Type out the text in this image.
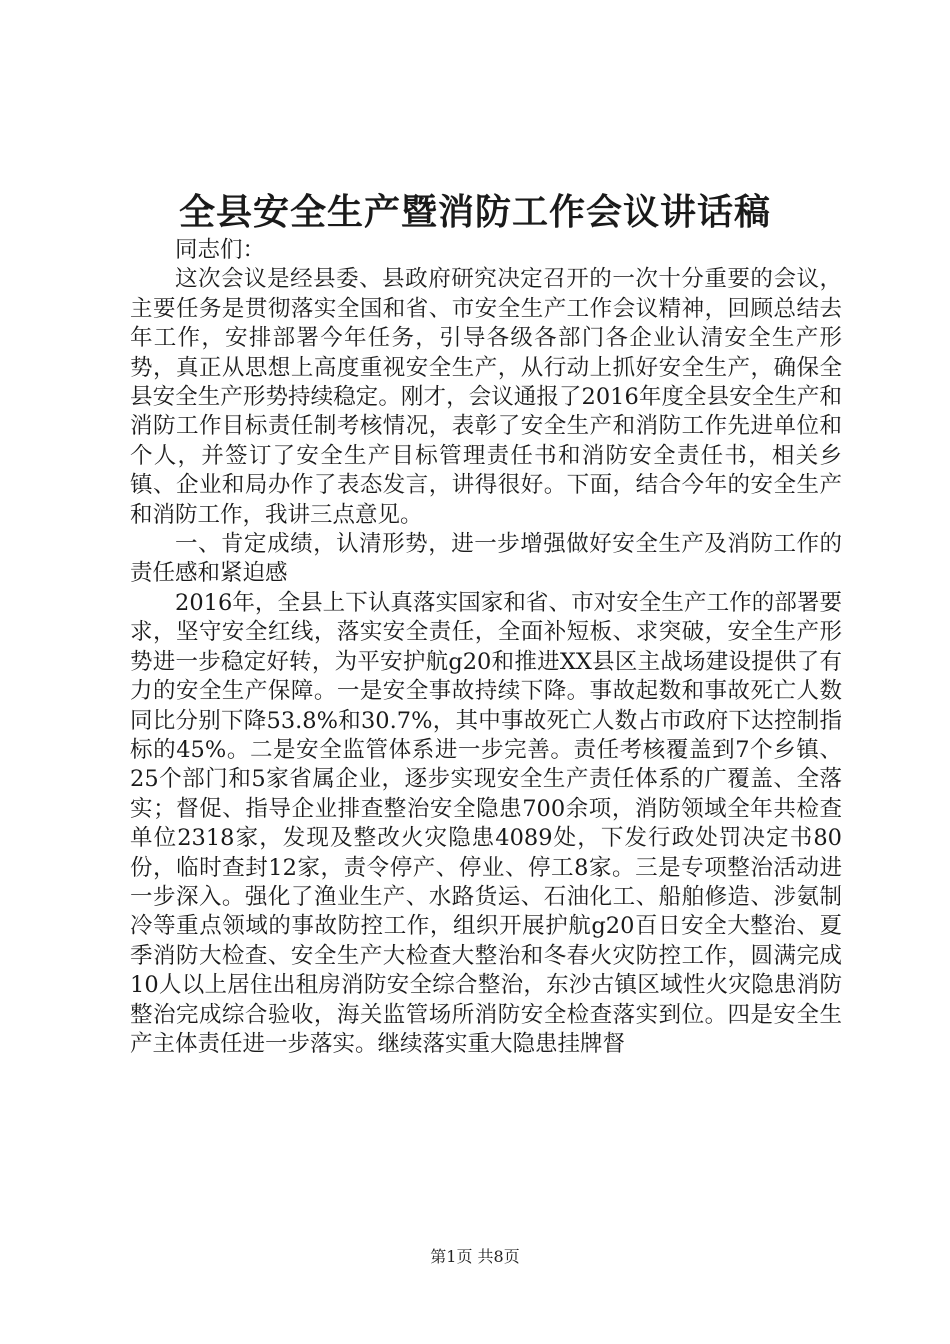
全县安全生产暨消防工作会议讲话稿

同志们：

这次会议是经县委、县政府研究决定召开的一次十分重要的会议，主要任务是贯彻落实全国和省、市安全生产工作会议精神，回顾总结去年工作，安排部署今年任务，引导各级各部门各企业认清安全生产形势，真正从思想上高度重视安全生产，从行动上抓好安全生产，确保全县安全生产形势持续稳定。刚才，会议通报了2016年度全县安全生产和消防工作目标责任制考核情况，表彰了安全生产和消防工作先进单位和个人，并签订了安全生产目标管理责任书和消防安全责任书，相关乡镇、企业和局办作了表态发言，讲得很好。下面，结合今年的安全生产和消防工作，我讲三点意见。

一、肯定成绩，认清形势，进一步增强做好安全生产及消防工作的责任感和紧迫感

2016年，全县上下认真落实国家和省、市对安全生产工作的部署要求，坚守安全红线，落实安全责任，全面补短板、求突破，安全生产形势进一步稳定好转，为平安护航g20和推进XX县区主战场建设提供了有力的安全生产保障。一是安全事故持续下降。事故起数和事故死亡人数同比分别下降53.8%和30.7%，其中事故死亡人数占市政府下达控制指标的45%。二是安全监管体系进一步完善。责任考核覆盖到7个乡镇、25个部门和5家省属企业，逐步实现安全生产责任体系的广覆盖、全落实；督促、指导企业排查整治安全隐患700余项，消防领域全年共检查单位2318家，发现及整改火灾隐患4089处，下发行政处罚决定书80份，临时查封12家，责令停产、停业、停工8家。三是专项整治活动进一步深入。强化了渔业生产、水路货运、石油化工、船舶修造、涉氨制冷等重点领域的事故防控工作，组织开展护航g20百日安全大整治、夏季消防大检查、安全生产大检查大整治和冬春火灾防控工作，圆满完成10人以上居住出租房消防安全综合整治，东沙古镇区域性火灾隐患消防整治完成综合验收，海关监管场所消防安全检查落实到位。四是安全生产主体责任进一步落实。继续落实重大隐患挂牌督

第1页 共8页
